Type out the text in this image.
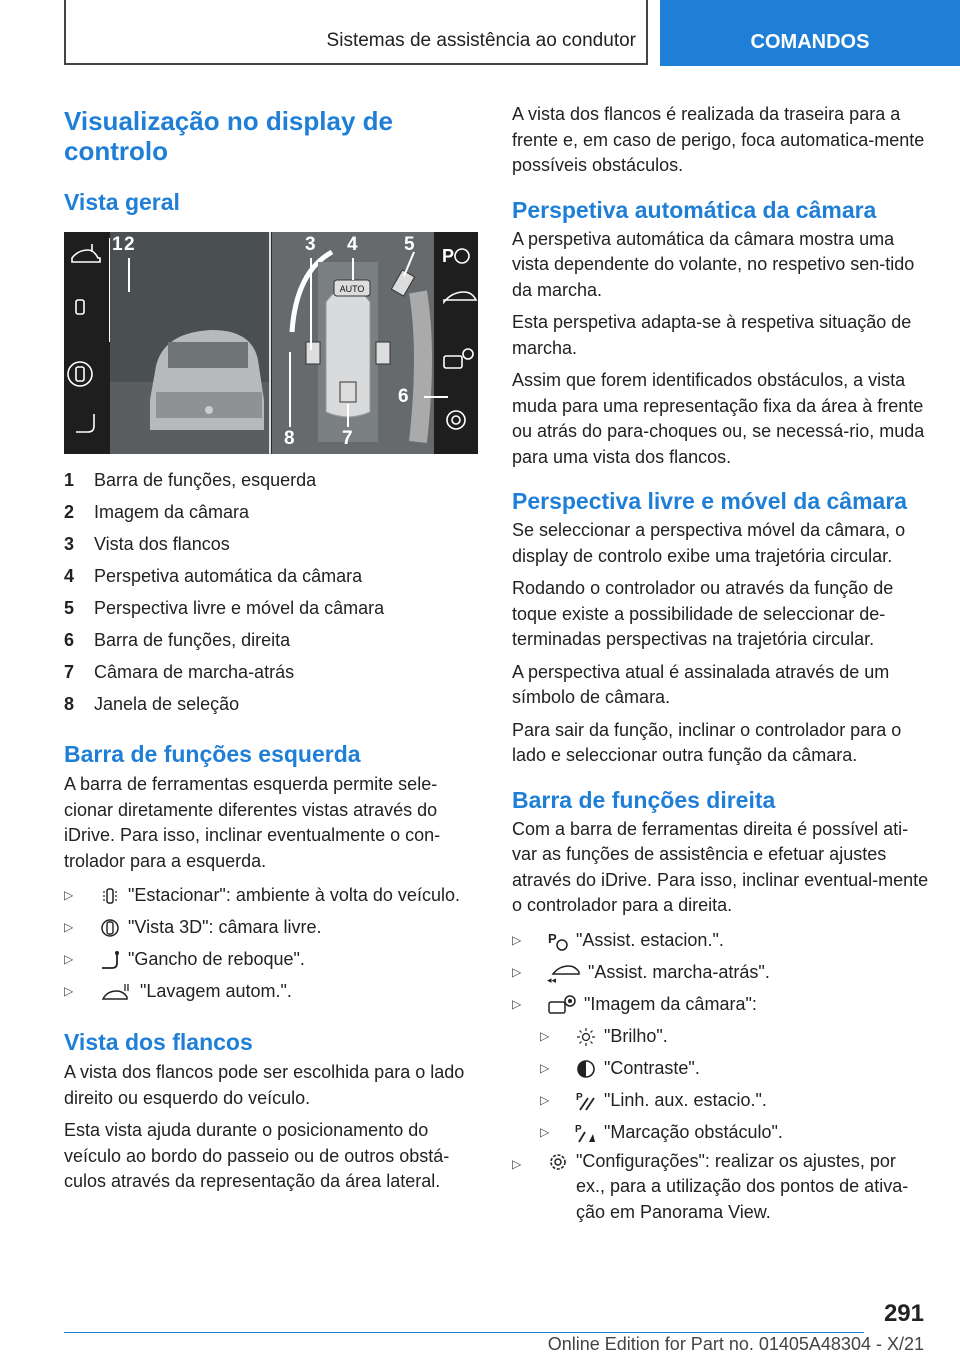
Sistemas de assistência ao condutor	COMANDOS
Visualização no display de controlo
Vista geral
AUTO
P
1 2	3 4 5
6
7
8
1	Barra de funções, esquerda
2	Imagem da câmara
3	Vista dos flancos
4	Perspetiva automática da câmara
5	Perspectiva livre e móvel da câmara
6	Barra de funções, direita
7	Câmara de marcha-atrás
8	Janela de seleção
Barra de funções esquerda

A barra de ferramentas esquerda permite sele-cionar diretamente diferentes vistas através do iDrive. Para isso, inclinar eventualmente o con-trolador para a esquerda.

▷	"Estacionar": ambiente à volta do veículo.
▷	"Vista 3D": câmara livre.
▷	"Gancho de reboque".
▷	"Lavagem autom.".
Vista dos flancos

A vista dos flancos pode ser escolhida para o lado direito ou esquerdo do veículo.

Esta vista ajuda durante o posicionamento do veículo ao bordo do passeio ou de outros obstá-culos através da representação da área lateral.

A vista dos flancos é realizada da traseira para a frente e, em caso de perigo, foca automatica-mente possíveis obstáculos.

Perspetiva automática da câmara

A perspetiva automática da câmara mostra uma vista dependente do volante, no respetivo sen-tido da marcha.

Esta perspetiva adapta-se à respetiva situação de marcha.

Assim que forem identificados obstáculos, a vista muda para uma representação fixa da área à frente ou atrás do para-choques ou, se necessá-rio, muda para uma vista dos flancos.

Perspectiva livre e móvel da câmara

Se seleccionar a perspectiva móvel da câmara, o display de controlo exibe uma trajetória circular.

Rodando o controlador ou através da função de toque existe a possibilidade de seleccionar de-terminadas perspectivas na trajetória circular.

A perspectiva atual é assinalada através de um símbolo de câmara.

Para sair da função, inclinar o controlador para o lado e seleccionar outra função da câmara.

Barra de funções direita

Com a barra de ferramentas direita é possível ati-var as funções de assistência e efetuar ajustes através do iDrive. Para isso, inclinar eventual-mente o controlador para a direita.

▷	P "Assist. estacion.".
▷
◂◂ "Assist. marcha-atrás".
▷	"Imagem da câmara":
▷	"Brilho".
▷	"Contraste".
▷	P "Linh. aux. estacio.".
▷	P "Marcação obstáculo".
▷	"Configurações": realizar os ajustes, por ex., para a utilização dos pontos de ativa-ção em Panorama View.
291
Online Edition for Part no. 01405A48304 - X/21
